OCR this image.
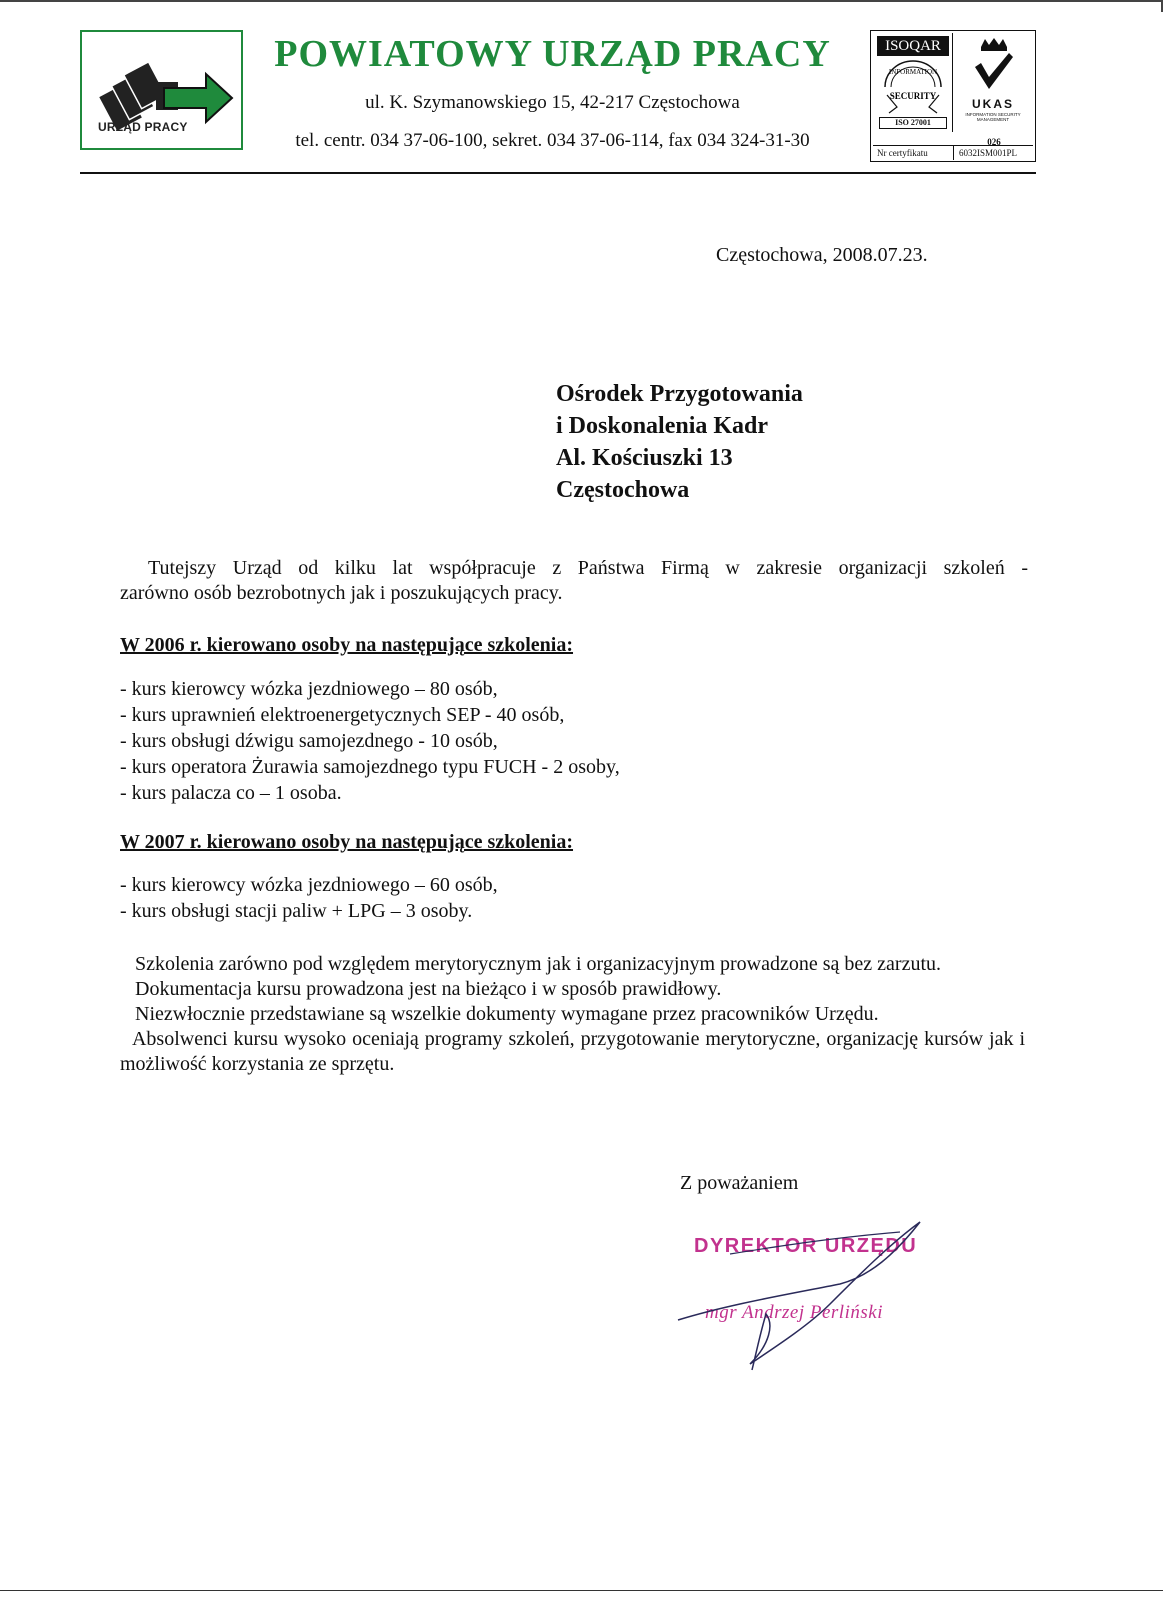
URZĄD PRACY
POWIATOWY URZĄD PRACY
ul. K. Szymanowskiego 15, 42-217 Częstochowa
tel. centr. 034 37-06-100, sekret. 034 37-06-114, fax 034 324-31-30
ISOQAR
INFORMATION
SECURITY
ISO 27001
UKAS
INFORMATION SECURITY MANAGEMENT
026
Nr certyfikatu	6032ISM001PL
Częstochowa, 2008.07.23.
Ośrodek Przygotowania
i Doskonalenia Kadr
Al. Kościuszki 13
Częstochowa
Tutejszy Urząd od kilku lat współpracuje z Państwa Firmą w zakresie organizacji szkoleń -
zarówno osób bezrobotnych jak i poszukujących pracy.
W 2006 r. kierowano osoby na następujące szkolenia:
- kurs kierowcy wózka jezdniowego – 80 osób,
- kurs uprawnień elektroenergetycznych SEP - 40 osób,
- kurs obsługi dźwigu samojezdnego - 10 osób,
- kurs operatora Żurawia samojezdnego typu FUCH - 2 osoby,
- kurs palacza co – 1 osoba.
W 2007 r. kierowano osoby na następujące szkolenia:
- kurs kierowcy wózka jezdniowego – 60 osób,
- kurs obsługi stacji paliw + LPG – 3 osoby.
Szkolenia zarówno pod względem merytorycznym jak i organizacyjnym prowadzone są bez zarzutu.
Dokumentacja kursu prowadzona jest na bieżąco i w sposób prawidłowy.
Niezwłocznie przedstawiane są wszelkie dokumenty wymagane przez pracowników Urzędu.
Absolwenci kursu wysoko oceniają programy szkoleń, przygotowanie merytoryczne, organizację kursów jak i  możliwość korzystania ze sprzętu.
Z poważaniem
DYREKTOR URZĘDU
mgr Andrzej Perliński
